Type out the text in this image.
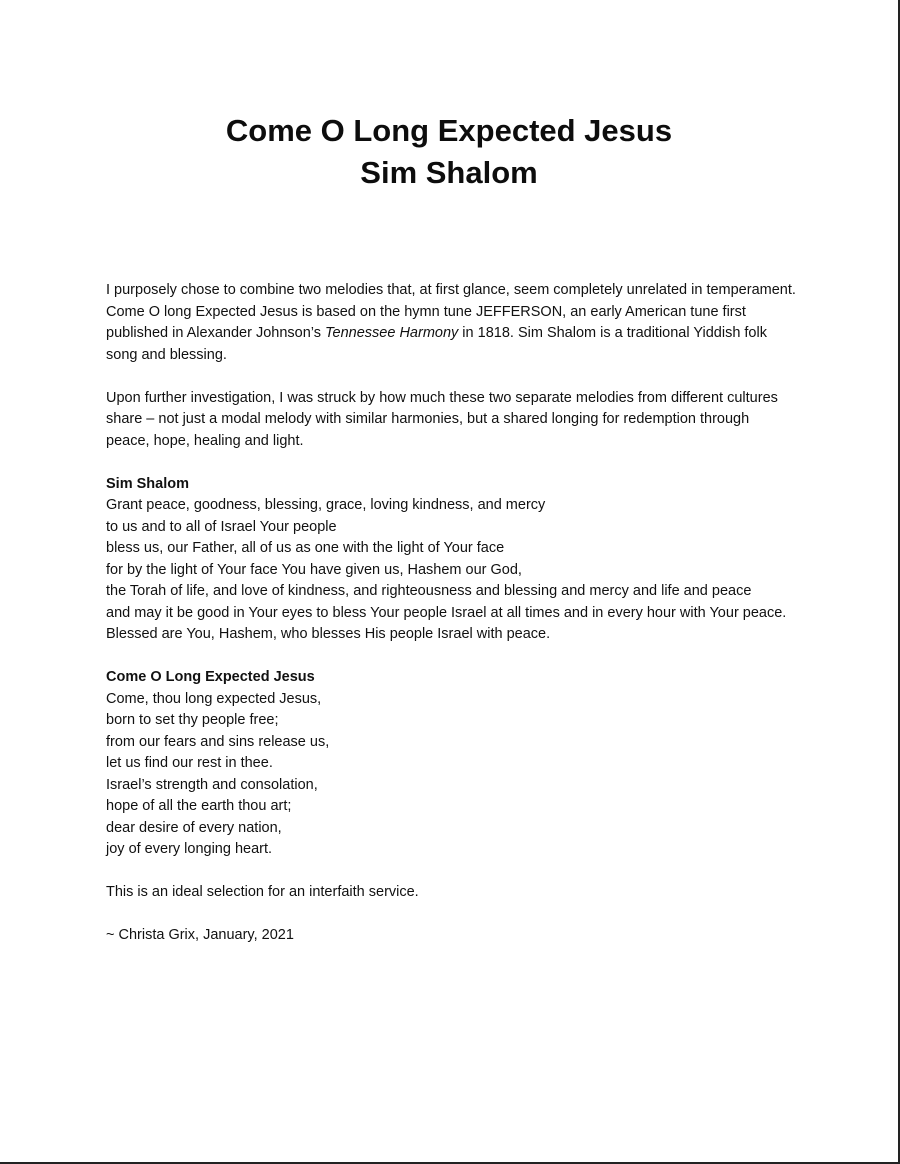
Come O Long Expected Jesus

Sim Shalom

I purposely chose to combine two melodies that, at first glance, seem completely unrelated in temperament. Come O long Expected Jesus is based on the hymn tune JEFFERSON, an early American tune first published in Alexander Johnson’s Tennessee Harmony in 1818. Sim Shalom is a traditional Yiddish folk song and blessing.

Upon further investigation, I was struck by how much these two separate melodies from different cultures share – not just a modal melody with similar harmonies, but a shared longing for redemption through peace, hope, healing and light.

Sim Shalom

Grant peace, goodness, blessing, grace, loving kindness, and mercy
to us and to all of Israel Your people
bless us, our Father, all of us as one with the light of Your face
for by the light of Your face You have given us, Hashem our God,
the Torah of life, and love of kindness, and righteousness and blessing and mercy and life and peace
and may it be good in Your eyes to bless Your people Israel at all times and in every hour with Your peace.
Blessed are You, Hashem, who blesses His people Israel with peace.

Come O Long Expected Jesus

Come, thou long expected Jesus,
born to set thy people free;
from our fears and sins release us,
let us find our rest in thee.
Israel’s strength and consolation,
hope of all the earth thou art;
dear desire of every nation,
joy of every longing heart.

This is an ideal selection for an interfaith service.

~ Christa Grix, January, 2021
